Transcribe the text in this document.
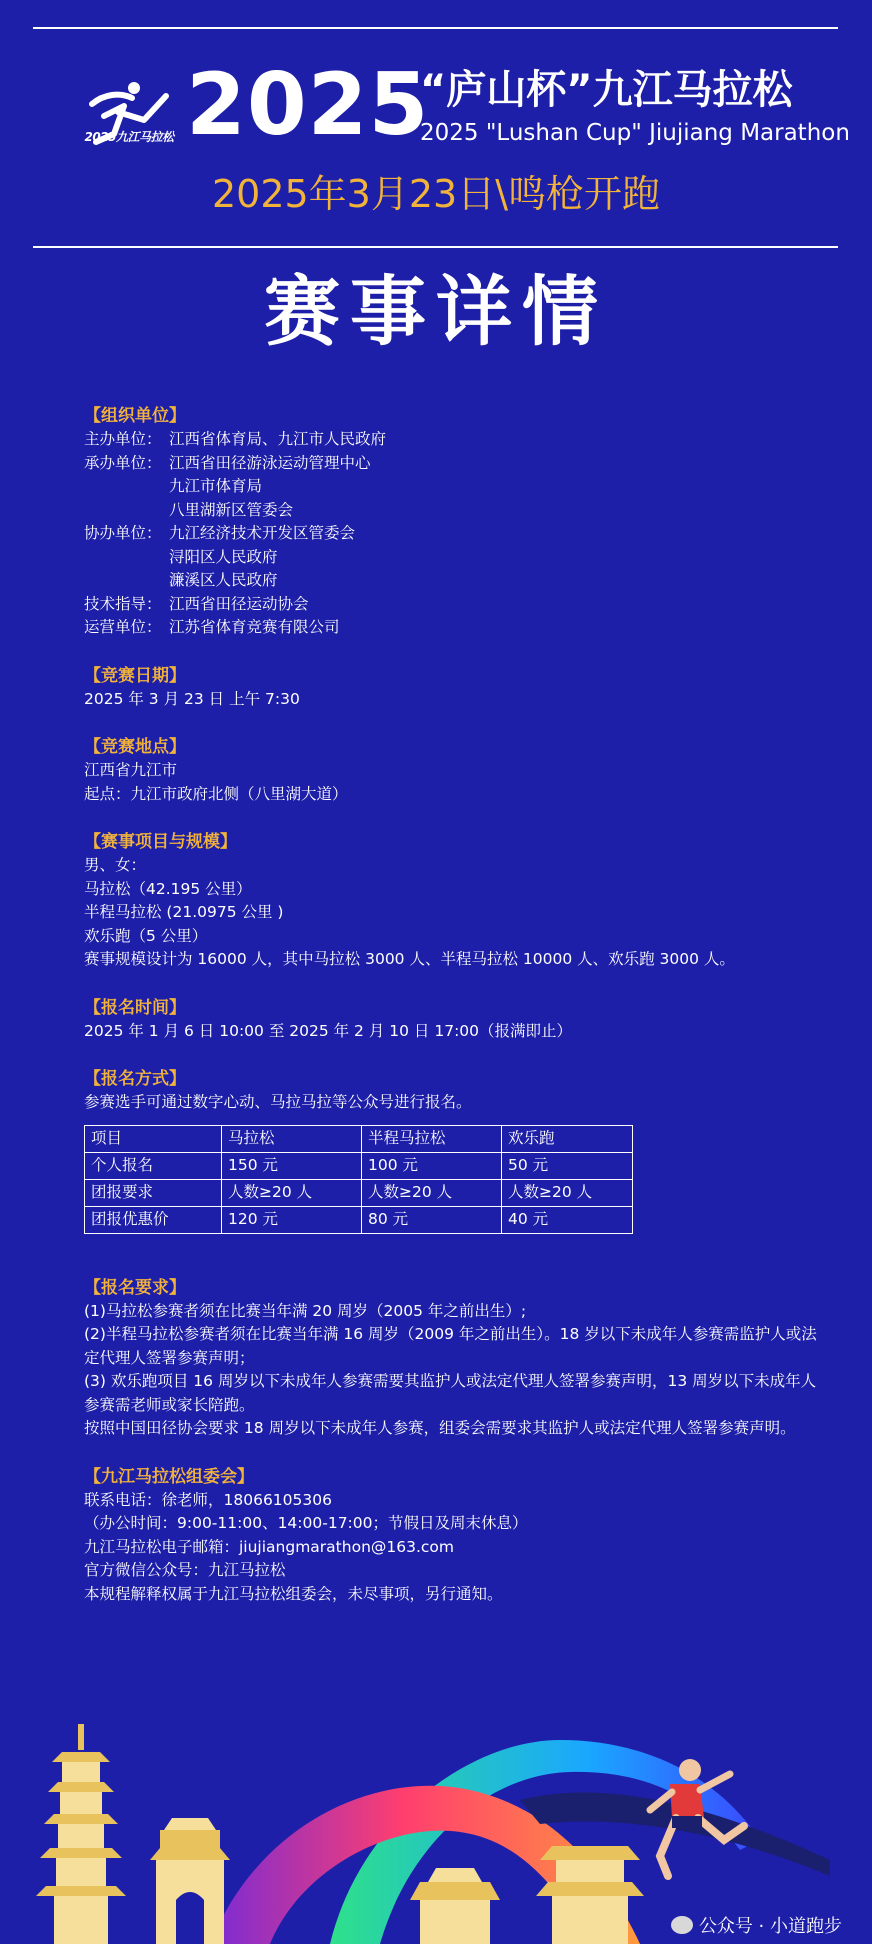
2025九江马拉松 2025
“庐山杯”九江马拉松
2025 "Lushan Cup" Jiujiang Marathon
2025年3月23日\鸣枪开跑
赛事详情
【组织单位】
主办单位： 江西省体育局、九江市人民政府
承办单位： 江西省田径游泳运动管理中心
九江市体育局
八里湖新区管委会
协办单位： 九江经济技术开发区管委会
浔阳区人民政府
濂溪区人民政府
技术指导： 江西省田径运动协会
运营单位： 江苏省体育竞赛有限公司
【竞赛日期】
2025 年 3 月 23 日 上午 7:30
【竞赛地点】
江西省九江市
起点：九江市政府北侧（八里湖大道）
【赛事项目与规模】
男、女：
马拉松（42.195 公里）
半程马拉松 (21.0975 公里 )
欢乐跑（5 公里）
赛事规模设计为 16000 人，其中马拉松 3000 人、半程马拉松 10000 人、欢乐跑 3000 人。
【报名时间】
2025 年 1 月 6 日 10:00 至 2025 年 2 月 10 日 17:00（报满即止）
【报名方式】
参赛选手可通过数字心动、马拉马拉等公众号进行报名。
项目	马拉松	半程马拉松	欢乐跑
个人报名	150 元	100 元	50 元
团报要求	人数≥20 人	人数≥20 人	人数≥20 人
团报优惠价	120 元	80 元	40 元
【报名要求】
(1)马拉松参赛者须在比赛当年满 20 周岁（2005 年之前出生）;
(2)半程马拉松参赛者须在比赛当年满 16 周岁（2009 年之前出生）。18 岁以下未成年人参赛需监护人或法定代理人签署参赛声明；
(3) 欢乐跑项目 16 周岁以下未成年人参赛需要其监护人或法定代理人签署参赛声明，13 周岁以下未成年人参赛需老师或家长陪跑。
按照中国田径协会要求 18 周岁以下未成年人参赛，组委会需要求其监护人或法定代理人签署参赛声明。
【九江马拉松组委会】
联系电话：徐老师，18066105306
（办公时间：9:00-11:00、14:00-17:00；节假日及周末休息）
九江马拉松电子邮箱：jiujiangmarathon@163.com
官方微信公众号：九江马拉松
本规程解释权属于九江马拉松组委会，未尽事项，另行通知。
公众号 · 小道跑步
